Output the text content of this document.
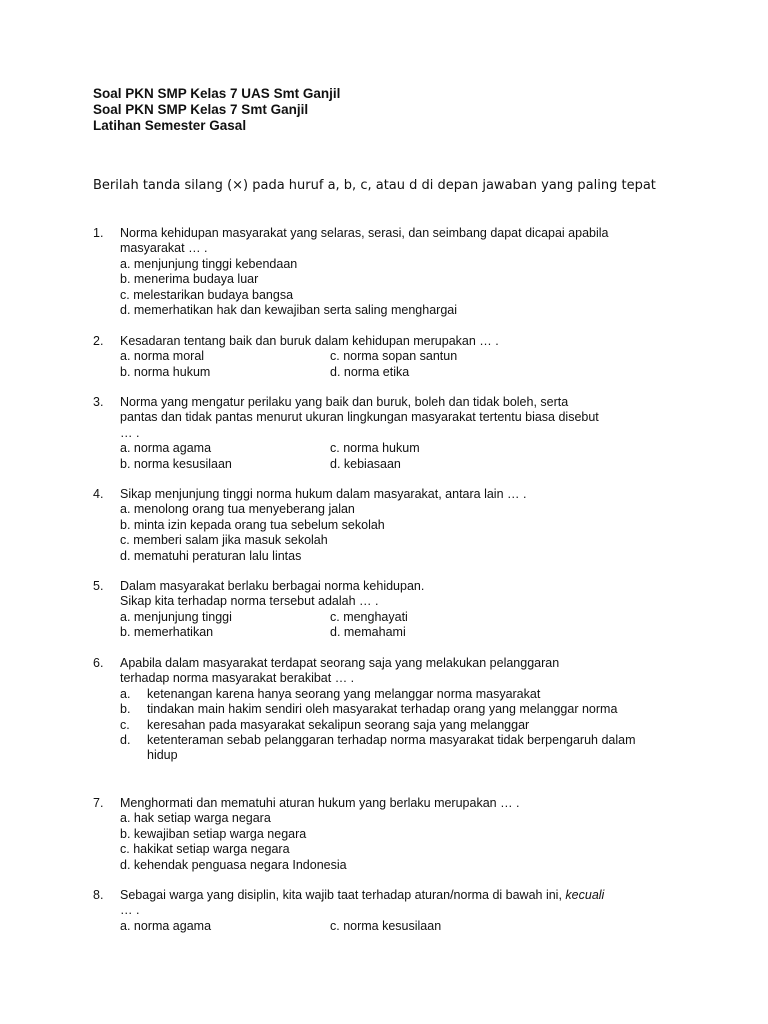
Soal PKN SMP Kelas 7 UAS Smt Ganjil
Soal PKN SMP Kelas 7 Smt Ganjil
Latihan Semester Gasal
Berilah tanda silang (×) pada huruf a, b, c, atau d di depan jawaban yang paling tepat
1.	Norma kehidupan masyarakat yang selaras, serasi, dan seimbang dapat dicapai apabila
masyarakat … .
a. menjunjung tinggi kebendaan
b. menerima budaya luar
c. melestarikan budaya bangsa
d. memerhatikan hak dan kewajiban serta saling menghargai
2.	Kesadaran tentang baik dan buruk dalam kehidupan merupakan … .
a. norma moral	c. norma sopan santun
b. norma hukum	d. norma etika
3.	Norma yang mengatur perilaku yang baik dan buruk, boleh dan tidak boleh, serta
pantas dan tidak pantas menurut ukuran lingkungan masyarakat tertentu biasa disebut
… .
a. norma agama	c. norma hukum
b. norma kesusilaan	d. kebiasaan
4.	Sikap menjunjung tinggi norma hukum dalam masyarakat, antara lain … .
a. menolong orang tua menyeberang jalan
b. minta izin kepada orang tua sebelum sekolah
c. memberi salam jika masuk sekolah
d. mematuhi peraturan lalu lintas
5.	Dalam masyarakat berlaku berbagai norma kehidupan.
Sikap kita terhadap norma tersebut adalah … .
a. menjunjung tinggi	c. menghayati
b. memerhatikan	d. memahami
6.	Apabila dalam masyarakat terdapat seorang saja yang melakukan pelanggaran
terhadap norma masyarakat berakibat … .
a.	ketenangan karena hanya seorang yang melanggar norma masyarakat
b.	tindakan main hakim sendiri oleh masyarakat terhadap orang yang melanggar norma
c.	keresahan pada masyarakat sekalipun seorang saja yang melanggar
d.	ketenteraman sebab pelanggaran terhadap norma masyarakat tidak berpengaruh dalam hidup
7.	Menghormati dan mematuhi aturan hukum yang berlaku merupakan … .
a. hak setiap warga negara
b. kewajiban setiap warga negara
c. hakikat setiap warga negara
d. kehendak penguasa negara Indonesia
8.	Sebagai warga yang disiplin, kita wajib taat terhadap aturan/norma di bawah ini, kecuali
… .
a. norma agama	c. norma kesusilaan
